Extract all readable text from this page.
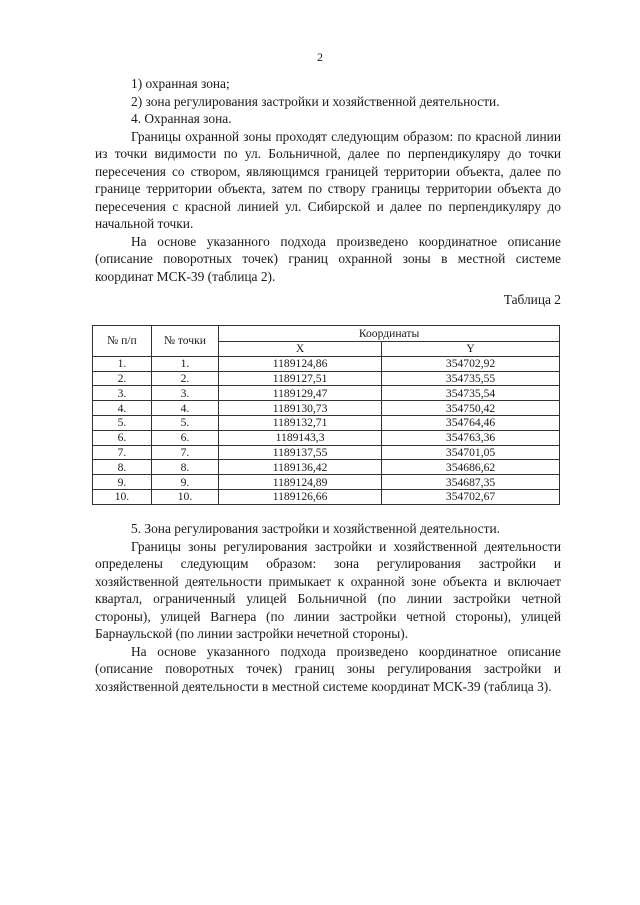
2

1) охранная зона;

2) зона регулирования застройки и хозяйственной деятельности.

4. Охранная зона.

Границы охранной зоны проходят следующим образом: по красной линии из точки видимости по ул. Больничной, далее по перпендикуляру до точки пересечения со створом, являющимся границей территории объекта, далее по границе территории объекта, затем по створу границы территории объекта до пересечения с красной линией ул. Сибирской и далее по перпендикуляру до начальной точки.

На основе указанного подхода произведено координатное описание (описание поворотных точек) границ охранной зоны в местной системе координат МСК-39 (таблица 2).

Таблица 2
№ п/п	№ точки	Координаты	
		X	Y
1.	1.	1189124,86	354702,92
2.	2.	1189127,51	354735,55
3.	3.	1189129,47	354735,54
4.	4.	1189130,73	354750,42
5.	5.	1189132,71	354764,46
6.	6.	1189143,3	354763,36
7.	7.	1189137,55	354701,05
8.	8.	1189136,42	354686,62
9.	9.	1189124,89	354687,35
10.	10.	1189126,66	354702,67

5. Зона регулирования застройки и хозяйственной деятельности.

Границы зоны регулирования застройки и хозяйственной деятельности определены следующим образом: зона регулирования застройки и хозяйственной деятельности примыкает к охранной зоне объекта и включает квартал, ограниченный улицей Больничной (по линии застройки четной стороны), улицей Вагнера (по линии застройки четной стороны), улицей Барнаульской (по линии застройки нечетной стороны).

На основе указанного подхода произведено координатное описание (описание поворотных точек) границ зоны регулирования застройки и хозяйственной деятельности в местной системе координат МСК-39 (таблица 3).
